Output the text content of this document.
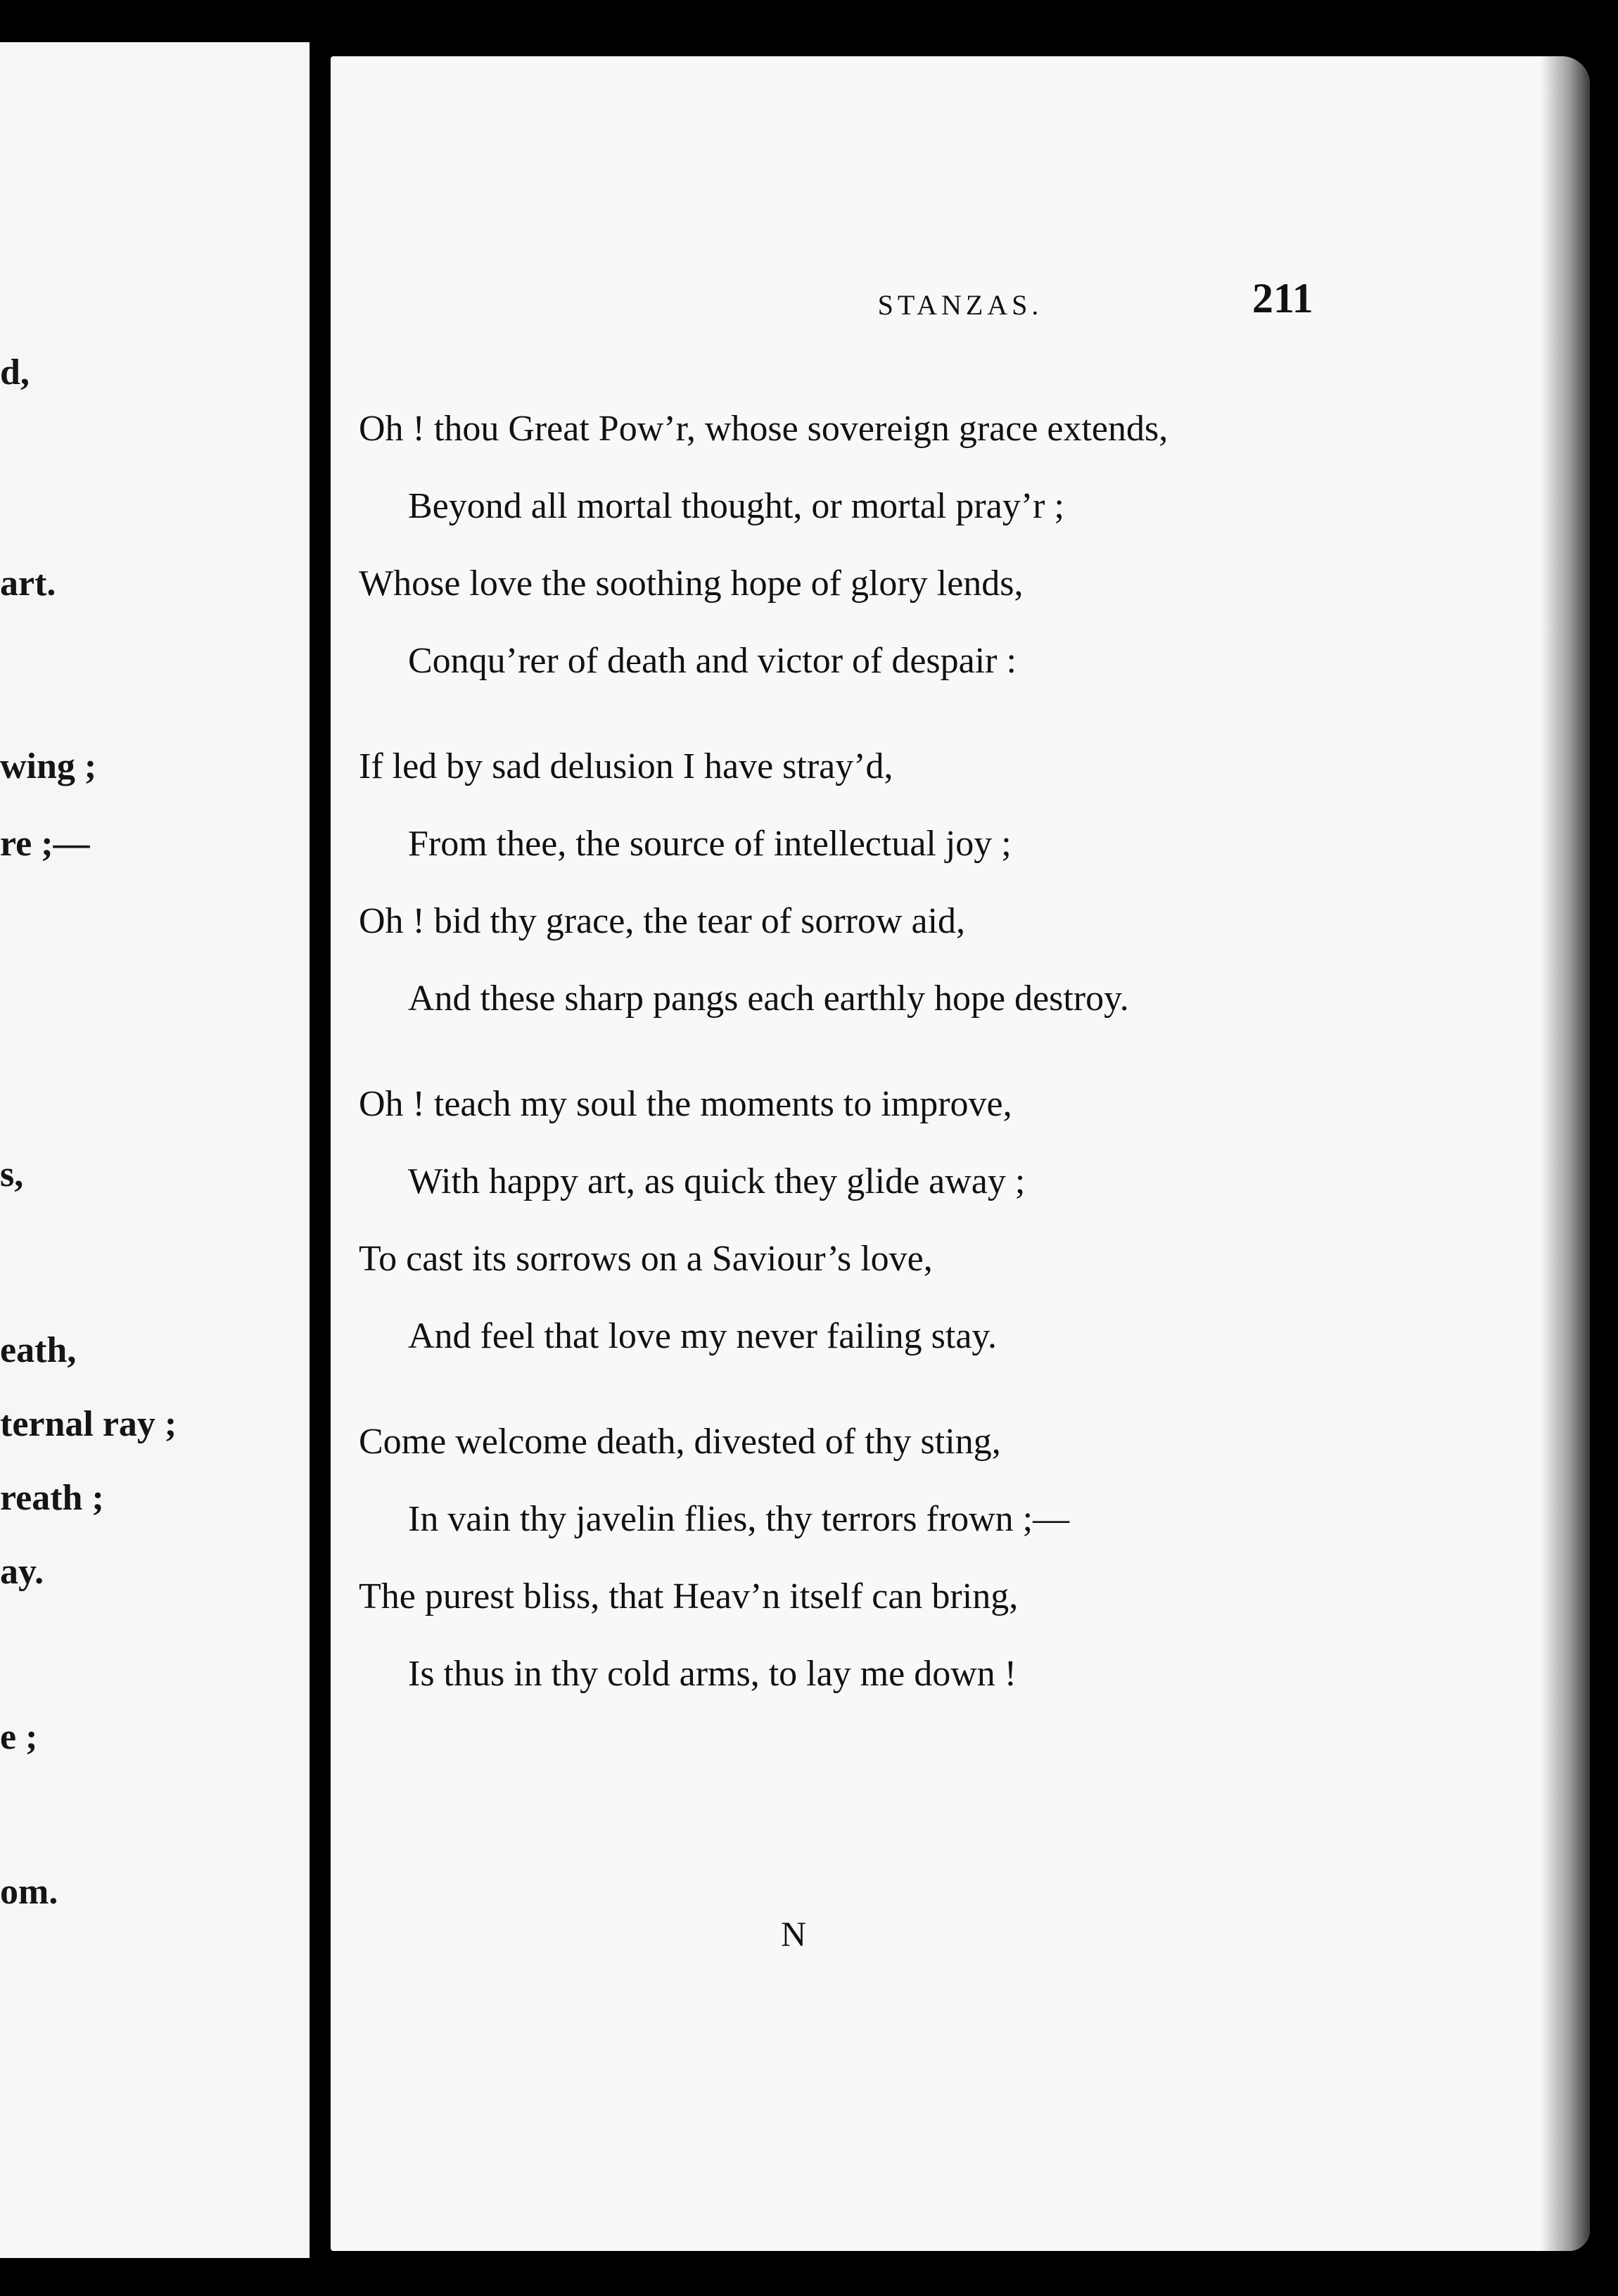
d,
art.
wing ;
re ;—
s,
eath,
ternal ray ;
reath ;
ay.
e ;
om.
STANZAS.	211
Oh ! thou Great Pow’r, whose sovereign grace extends,
Beyond all mortal thought, or mortal pray’r ;
Whose love the soothing hope of glory lends,
Conqu’rer of death and victor of despair :
If led by sad delusion I have stray’d,
From thee, the source of intellectual joy ;
Oh ! bid thy grace, the tear of sorrow aid,
And these sharp pangs each earthly hope destroy.
Oh ! teach my soul the moments to improve,
With happy art, as quick they glide away ;
To cast its sorrows on a Saviour’s love,
And feel that love my never failing stay.
Come welcome death, divested of thy sting,
In vain thy javelin flies, thy terrors frown ;—
The purest bliss, that Heav’n itself can bring,
Is thus in thy cold arms, to lay me down !
N
